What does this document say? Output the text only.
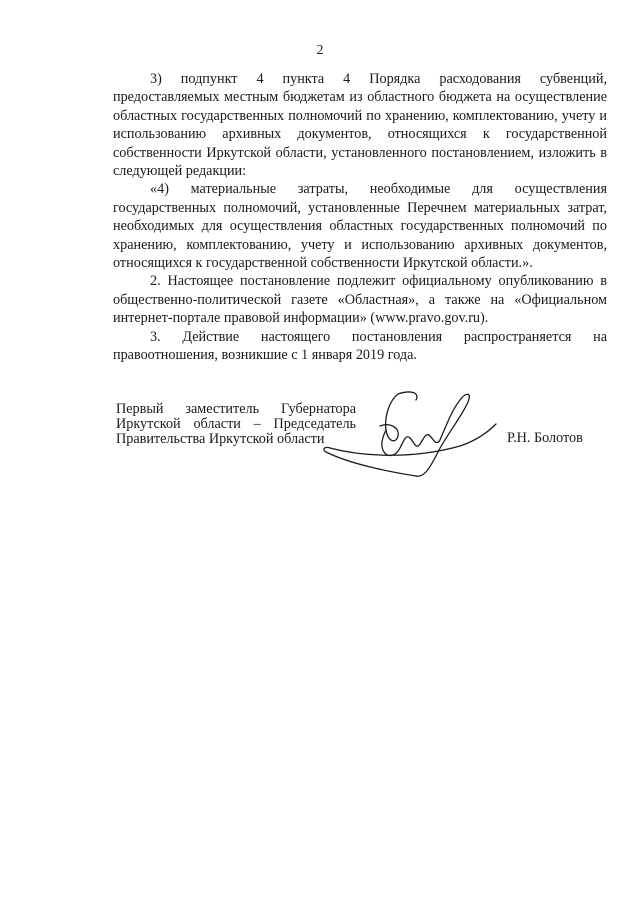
2

3) подпункт 4 пункта 4 Порядка расходования субвенций, предоставляемых местным бюджетам из областного бюджета на осуществление областных государственных полномочий по хранению, комплектованию, учету и использованию архивных документов, относящихся к государственной собственности Иркутской области, установленного постановлением, изложить в следующей редакции:

«4) материальные затраты, необходимые для осуществления государственных полномочий, установленные Перечнем материальных затрат, необходимых для осуществления областных государственных полномочий по хранению, комплектованию, учету и использованию архивных документов, относящихся к государственной собственности Иркутской области.».

2. Настоящее постановление подлежит официальному опубликованию в общественно-политической газете «Областная», а также на «Официальном интернет-портале правовой информации» (www.pravo.gov.ru).

3. Действие настоящего постановления распространяется на правоотношения, возникшие с 1 января 2019 года.

Первый заместитель Губернатора
Иркутской области – Председатель
Правительства Иркутской области	Р.Н. Болотов
